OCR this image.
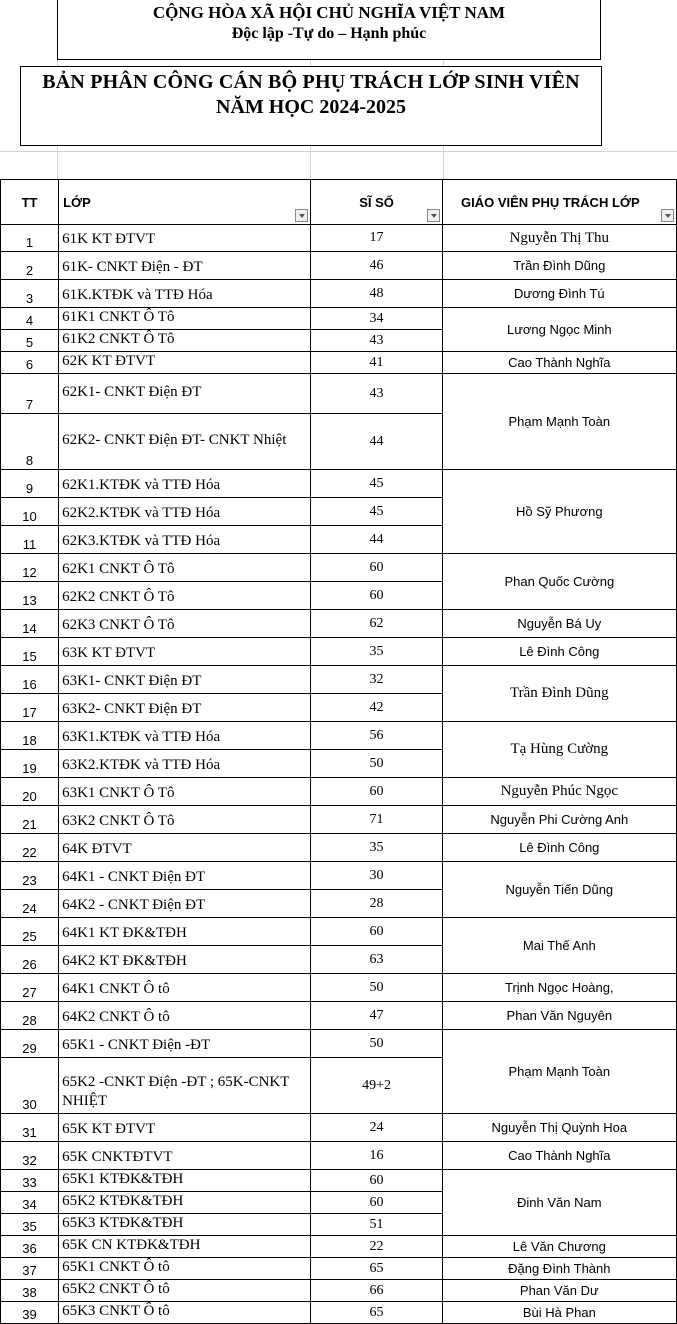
CỘNG HÒA XÃ HỘI CHỦ NGHĨA VIỆT NAM
Độc lập -Tự do – Hạnh phúc
BẢN PHÂN CÔNG CÁN BỘ PHỤ TRÁCH LỚP SINH VIÊN
NĂM HỌC 2024-2025
TT	LỚP	SĨ SỐ	GIÁO VIÊN PHỤ TRÁCH LỚP

1	61K KT ĐTVT	17	Nguyễn Thị Thu
2	61K- CNKT Điện - ĐT	46	Trần Đình Dũng
3	61K.KTĐK và TTĐ Hóa	48	Dương Đình Tú
4	61K1 CNKT Ô Tô	34	Lương Ngọc Minh
5	61K2 CNKT Ô Tô	43	
6	62K KT ĐTVT	41	Cao Thành Nghĩa
7	62K1- CNKT Điện ĐT	43	Phạm Mạnh Toàn
8	62K2- CNKT Điện ĐT- CNKT Nhiệt	44	
9	62K1.KTĐK và TTĐ Hóa	45	Hồ Sỹ Phương
10	62K2.KTĐK và TTĐ Hóa	45	
11	62K3.KTĐK và TTĐ Hóa	44	
12	62K1 CNKT Ô Tô	60	Phan Quốc Cường
13	62K2 CNKT Ô Tô	60	
14	62K3 CNKT Ô Tô	62	Nguyễn Bá Uy
15	63K KT ĐTVT	35	Lê Đình Công
16	63K1- CNKT Điện ĐT	32	Trần Đình Dũng
17	63K2- CNKT Điện ĐT	42	
18	63K1.KTĐK và TTĐ Hóa	56	Tạ Hùng Cường
19	63K2.KTĐK và TTĐ Hóa	50	
20	63K1 CNKT Ô Tô	60	Nguyễn Phúc Ngọc
21	63K2 CNKT Ô Tô	71	Nguyễn Phi Cường Anh
22	64K ĐTVT	35	Lê Đình Công
23	64K1 - CNKT Điện ĐT	30	Nguyễn Tiến Dũng
24	64K2 - CNKT Điện ĐT	28	
25	64K1 KT ĐK&TĐH	60	Mai Thế Anh
26	64K2 KT ĐK&TĐH	63	
27	64K1 CNKT Ô tô	50	Trịnh Ngọc Hoàng,
28	64K2 CNKT Ô tô	47	Phan Văn Nguyên
29	65K1 - CNKT Điện -ĐT	50	Phạm Mạnh Toàn
30	65K2 -CNKT Điện -ĐT ; 65K-CNKT NHIỆT	49+2	
31	65K KT ĐTVT	24	Nguyễn Thị Quỳnh Hoa
32	65K CNKTĐTVT	16	Cao Thành Nghĩa
33	65K1 KTĐK&TĐH	60	Đinh Văn Nam
34	65K2 KTĐK&TĐH	60	
35	65K3 KTĐK&TĐH	51	
36	65K CN KTĐK&TĐH	22	Lê Văn Chương
37	65K1 CNKT Ô tô	65	Đặng Đình Thành
38	65K2 CNKT Ô tô	66	Phan Văn Dư
39	65K3 CNKT Ô tô	65	Bùi Hà Phan
